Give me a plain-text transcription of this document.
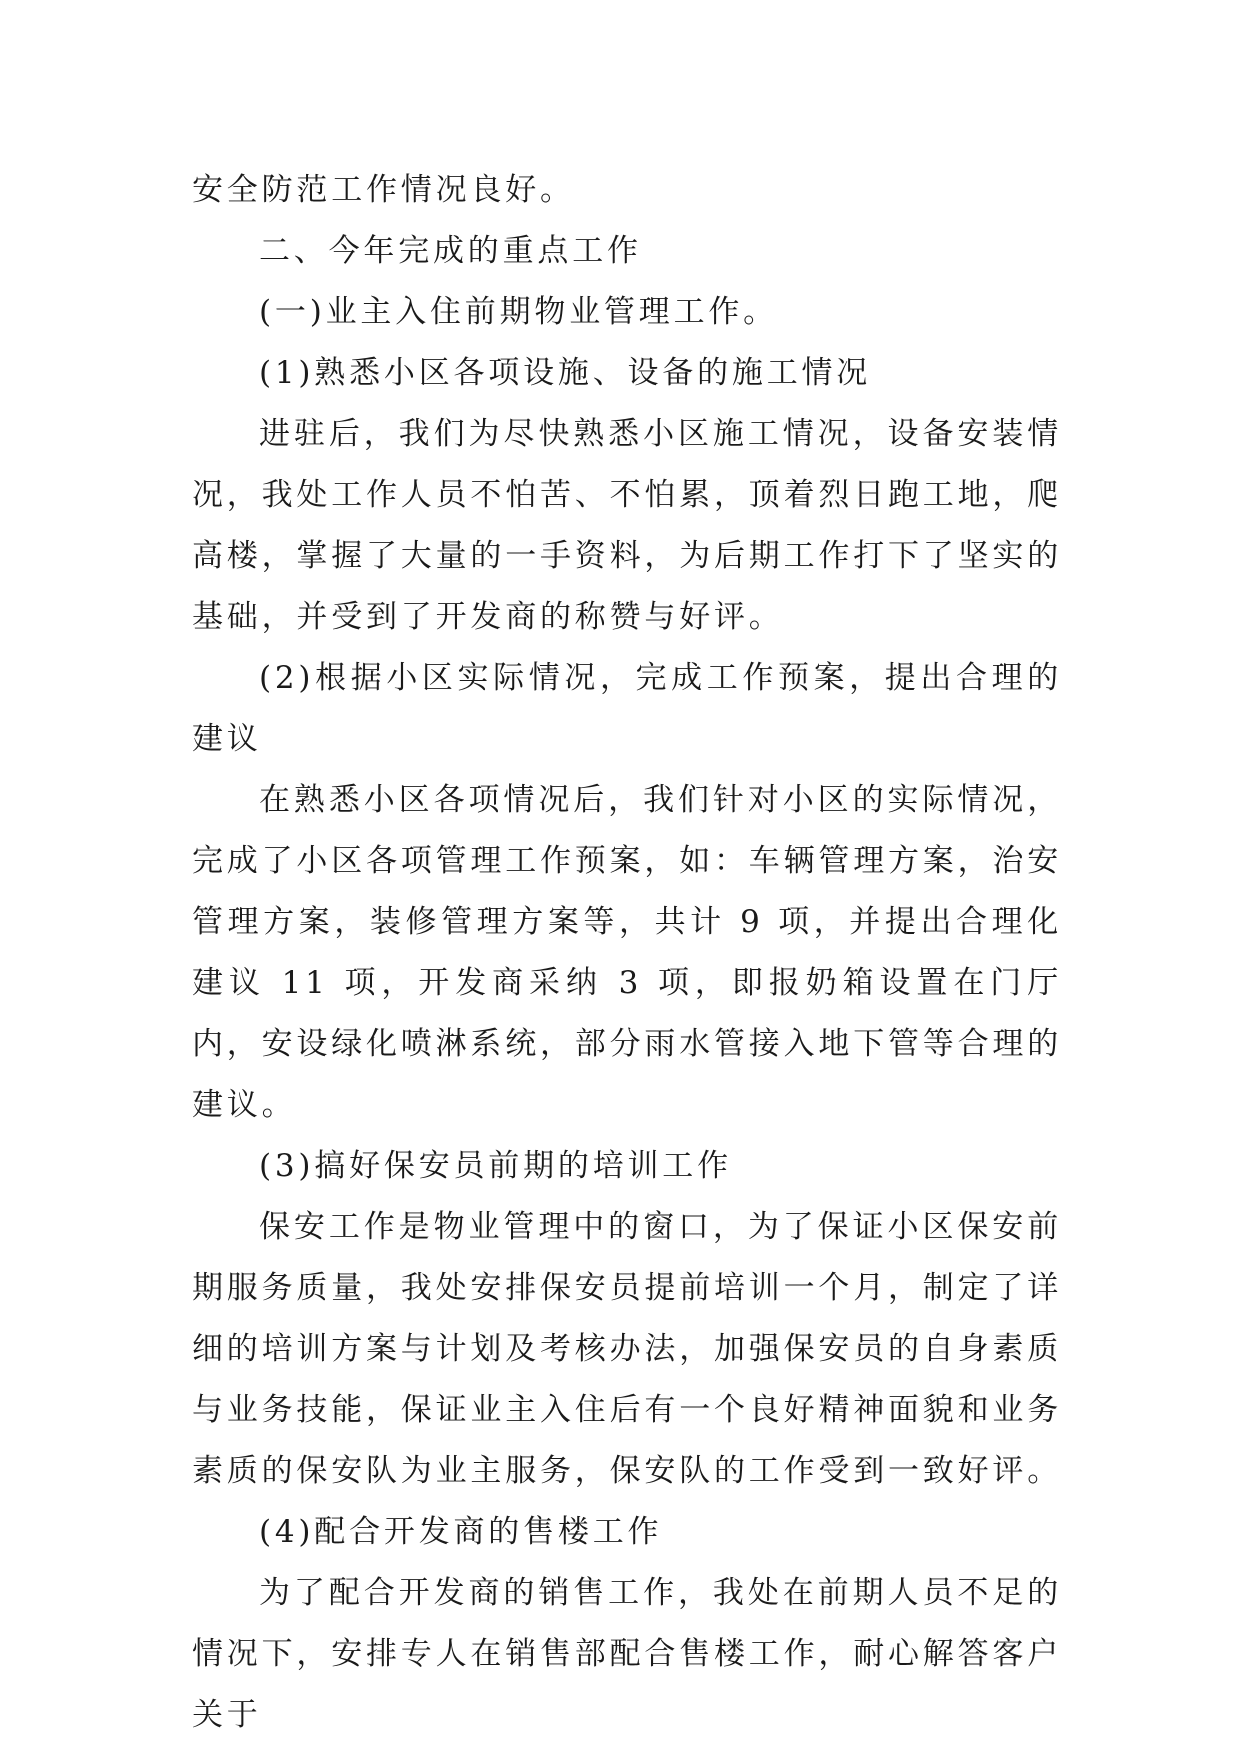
安全防范工作情况良好。

二、今年完成的重点工作

(一)业主入住前期物业管理工作。

(1)熟悉小区各项设施、设备的施工情况

进驻后，我们为尽快熟悉小区施工情况，设备安装情况，我处工作人员不怕苦、不怕累，顶着烈日跑工地，爬高楼，掌握了大量的一手资料，为后期工作打下了坚实的基础，并受到了开发商的称赞与好评。

(2)根据小区实际情况，完成工作预案，提出合理的建议

在熟悉小区各项情况后，我们针对小区的实际情况，完成了小区各项管理工作预案，如：车辆管理方案，治安管理方案，装修管理方案等，共计 9 项，并提出合理化建议 11 项，开发商采纳 3 项，即报奶箱设置在门厅内，安设绿化喷淋系统，部分雨水管接入地下管等合理的建议。

(3)搞好保安员前期的培训工作

保安工作是物业管理中的窗口，为了保证小区保安前期服务质量，我处安排保安员提前培训一个月，制定了详细的培训方案与计划及考核办法，加强保安员的自身素质与业务技能，保证业主入住后有一个良好精神面貌和业务素质的保安队为业主服务，保安队的工作受到一致好评。

(4)配合开发商的售楼工作

为了配合开发商的销售工作，我处在前期人员不足的情况下，安排专人在销售部配合售楼工作，耐心解答客户关于
